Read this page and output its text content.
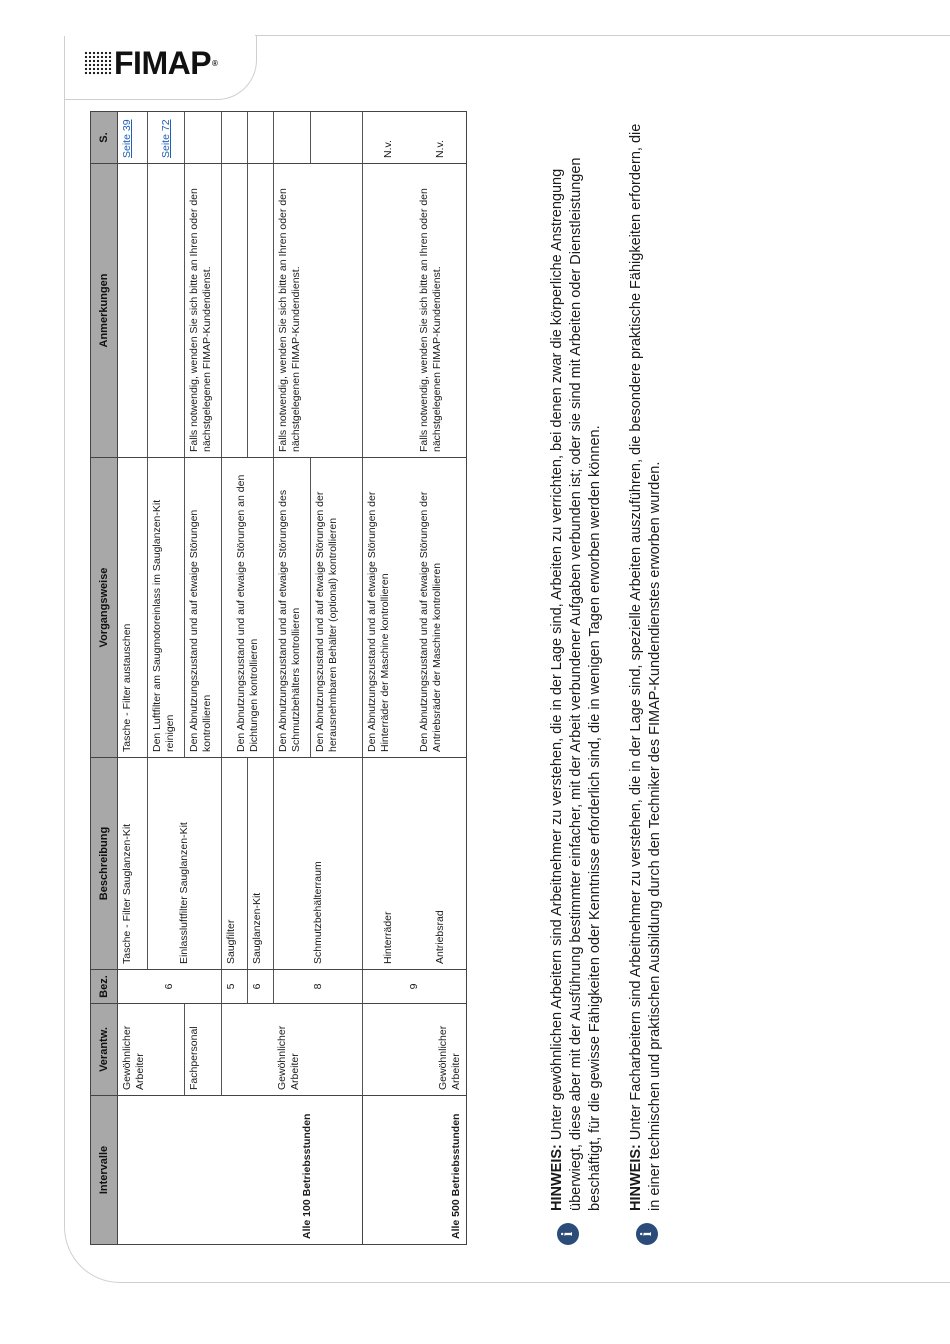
FIMAP ®
Intervalle	Verantw.	Bez.	Beschreibung	Vorgangsweise	Anmerkungen	S.
Alle 100 Betriebsstunden	Gewöhnlicher Arbeiter	6	Tasche - Filter Sauglanzen-Kit	Tasche - Filter austauschen		Seite 39
			Einlassluftfilter Sauglanzen-Kit	Den Luftfilter am Saugmotoreinlass im Sauglanzen-Kit reinigen		Seite 72
	Fachpersonal			Den Abnutzungszustand und auf etwaige Störungen kontrollieren	Falls notwendig, wenden Sie sich bitte an Ihren oder den nächstgelegenen FIMAP-Kundendienst.	
	Gewöhnlicher Arbeiter	5	Saugfilter	Den Abnutzungszustand und auf etwaige Störungen an den Dichtungen kontrollieren		
		6	Sauglanzen-Kit			
		8	Schmutzbehälterraum	Den Abnutzungszustand und auf etwaige Störungen des Schmutzbehälters kontrollieren	Falls notwendig, wenden Sie sich bitte an Ihren oder den nächstgelegenen FIMAP-Kundendienst.	
				Den Abnutzungszustand und auf etwaige Störungen der herausnehmbaren Behälter (optional) kontrollieren		
Alle 500 Betriebsstunden	Gewöhnlicher Arbeiter	9	Hinterräder	Den Abnutzungszustand und auf etwaige Störungen der Hinterräder der Maschine kontrollieren		N.v.
			Antriebsrad	Den Abnutzungszustand und auf etwaige Störungen der Antriebsräder der Maschine kontrollieren	Falls notwendig, wenden Sie sich bitte an Ihren oder den nächstgelegenen FIMAP-Kundendienst.	N.v.
i
HINWEIS: Unter gewöhnlichen Arbeitern sind Arbeitnehmer zu verstehen, die in der Lage sind, Arbeiten zu verrichten, bei denen zwar die körperliche Anstrengung überwiegt, diese aber mit der Ausführung bestimmter einfacher, mit der Arbeit verbundener Aufgaben verbunden ist; oder sie sind mit Arbeiten oder Dienstleistungen beschäftigt, für die gewisse Fähigkeiten oder Kenntnisse erforderlich sind, die in wenigen Tagen erworben werden können.
i
HINWEIS: Unter Facharbeitern sind Arbeitnehmer zu verstehen, die in der Lage sind, spezielle Arbeiten auszuführen, die besondere praktische Fähigkeiten erfordern, die in einer technischen und praktischen Ausbildung durch den Techniker des FIMAP-Kundendienstes erworben wurden.
